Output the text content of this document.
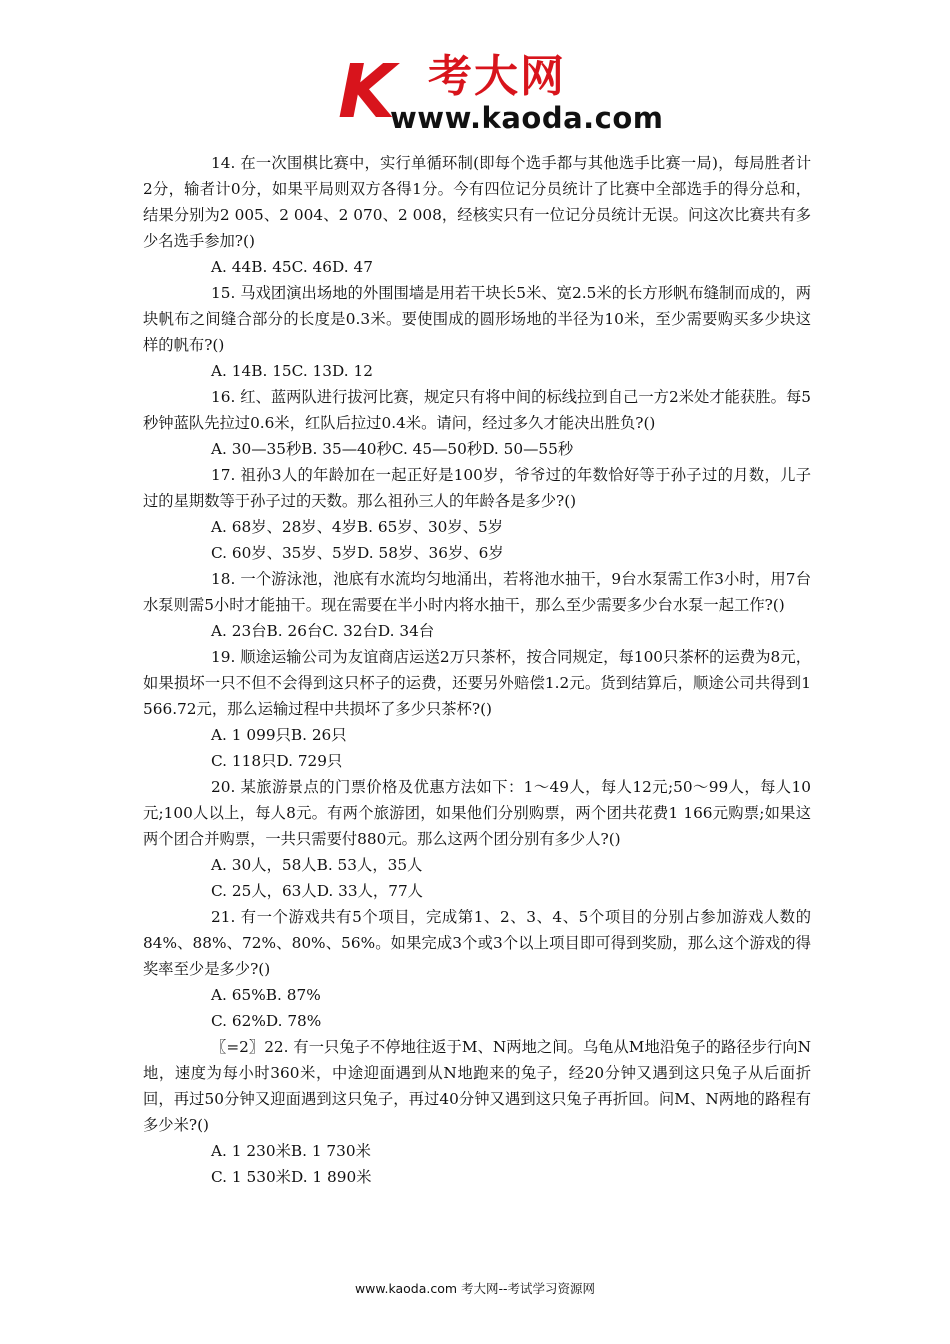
K 考大网
www.kaoda.com

14. 在一次围棋比赛中，实行单循环制(即每个选手都与其他选手比赛一局)，每局胜者计2分，输者计0分，如果平局则双方各得1分。今有四位记分员统计了比赛中全部选手的得分总和，结果分别为2 005、2 004、2 070、2 008，经核实只有一位记分员统计无误。问这次比赛共有多少名选手参加?()

A. 44B. 45C. 46D. 47

15. 马戏团演出场地的外围围墙是用若干块长5米、宽2.5米的长方形帆布缝制而成的，两块帆布之间缝合部分的长度是0.3米。要使围成的圆形场地的半径为10米，至少需要购买多少块这样的帆布?()

A. 14B. 15C. 13D. 12

16. 红、蓝两队进行拔河比赛，规定只有将中间的标线拉到自己一方2米处才能获胜。每5秒钟蓝队先拉过0.6米，红队后拉过0.4米。请问，经过多久才能决出胜负?()

A. 30—35秒B. 35—40秒C. 45—50秒D. 50—55秒

17. 祖孙3人的年龄加在一起正好是100岁，爷爷过的年数恰好等于孙子过的月数，儿子过的星期数等于孙子过的天数。那么祖孙三人的年龄各是多少?()

A. 68岁、28岁、4岁B. 65岁、30岁、5岁

C. 60岁、35岁、5岁D. 58岁、36岁、6岁

18. 一个游泳池，池底有水流均匀地涌出，若将池水抽干，9台水泵需工作3小时，用7台水泵则需5小时才能抽干。现在需要在半小时内将水抽干，那么至少需要多少台水泵一起工作?()

A. 23台B. 26台C. 32台D. 34台

19. 顺途运输公司为友谊商店运送2万只茶杯，按合同规定，每100只茶杯的运费为8元，如果损坏一只不但不会得到这只杯子的运费，还要另外赔偿1.2元。货到结算后，顺途公司共得到1 566.72元，那么运输过程中共损坏了多少只茶杯?()

A. 1 099只B. 26只

C. 118只D. 729只

20. 某旅游景点的门票价格及优惠方法如下：1～49人，每人12元;50～99人，每人10元;100人以上，每人8元。有两个旅游团，如果他们分别购票，两个团共花费1 166元购票;如果这两个团合并购票，一共只需要付880元。那么这两个团分别有多少人?()

A. 30人，58人B. 53人，35人

C. 25人，63人D. 33人，77人

21. 有一个游戏共有5个项目，完成第1、2、3、4、5个项目的分别占参加游戏人数的84%、88%、72%、80%、56%。如果完成3个或3个以上项目即可得到奖励，那么这个游戏的得奖率至少是多少?()

A. 65%B. 87%

C. 62%D. 78%

〖=2〗22. 有一只兔子不停地往返于M、N两地之间。乌龟从M地沿兔子的路径步行向N地，速度为每小时360米，中途迎面遇到从N地跑来的兔子，经20分钟又遇到这只兔子从后面折回，再过50分钟又迎面遇到这只兔子，再过40分钟又遇到这只兔子再折回。问M、N两地的路程有多少米?()

A. 1 230米B. 1 730米

C. 1 530米D. 1 890米

www.kaoda.com 考大网--考试学习资源网
